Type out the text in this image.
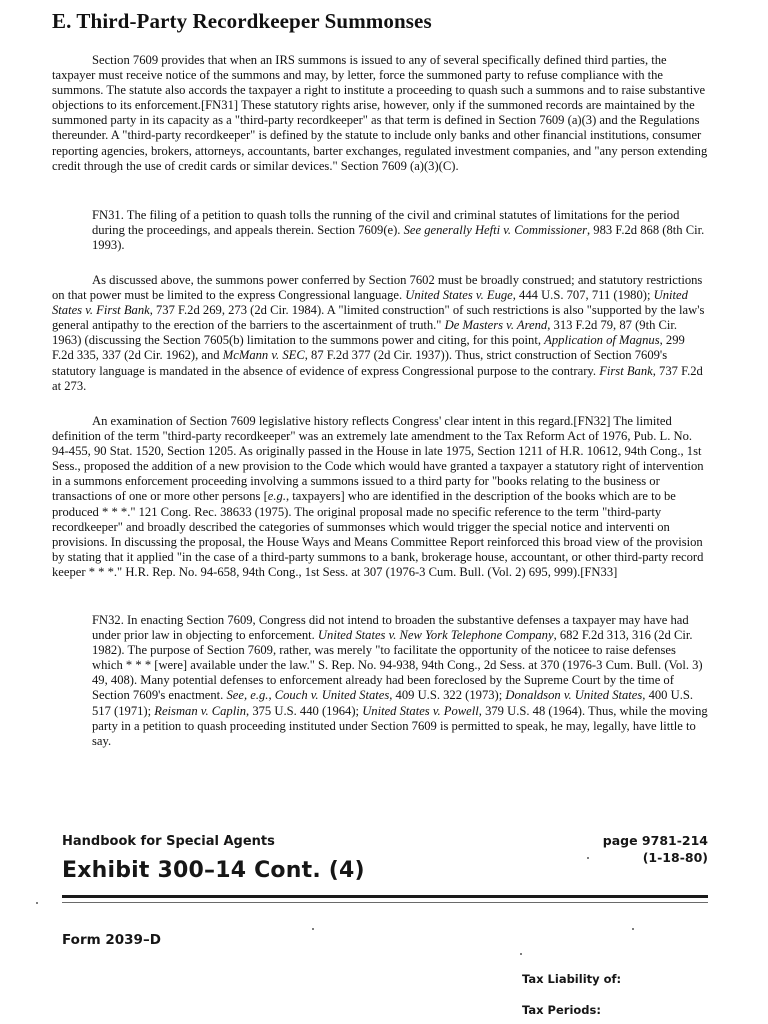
E. Third-Party Recordkeeper Summonses

Section 7609 provides that when an IRS summons is issued to any of several specifically defined third parties, the taxpayer must receive notice of the summons and may, by letter, force the summoned party to refuse compliance with the summons. The statute also accords the taxpayer a right to institute a proceeding to quash such a summons and to raise substantive objections to its enforcement.[FN31] These statutory rights arise, however, only if the summoned records are maintained by the summoned party in its capacity as a "third-party recordkeeper" as that term is defined in Section 7609 (a)(3) and the Regulations thereunder. A "third-party recordkeeper" is defined by the statute to include only banks and other financial institutions, consumer reporting agencies, brokers, attorneys, accountants, barter exchanges, regulated investment companies, and "any person extending credit through the use of credit cards or similar devices." Section 7609 (a)(3)(C).

FN31. The filing of a petition to quash tolls the running of the civil and criminal statutes of limitations for the period during the proceedings, and appeals therein. Section 7609(e). See generally Hefti v. Commissioner, 983 F.2d 868 (8th Cir. 1993).

As discussed above, the summons power conferred by Section 7602 must be broadly construed; and statutory restrictions on that power must be limited to the express Congressional language. United States v. Euge, 444 U.S. 707, 711 (1980); United States v. First Bank, 737 F.2d 269, 273 (2d Cir. 1984). A "limited construction" of such restrictions is also "supported by the law's general antipathy to the erection of the barriers to the ascertainment of truth." De Masters v. Arend, 313 F.2d 79, 87 (9th Cir. 1963) (discussing the Section 7605(b) limitation to the summons power and citing, for this point, Application of Magnus, 299 F.2d 335, 337 (2d Cir. 1962), and McMann v. SEC, 87 F.2d 377 (2d Cir. 1937)). Thus, strict construction of Section 7609's statutory language is mandated in the absence of evidence of express Congressional purpose to the contrary. First Bank, 737 F.2d at 273.

An examination of Section 7609 legislative history reflects Congress' clear intent in this regard.[FN32] The limited definition of the term "third-party recordkeeper" was an extremely late amendment to the Tax Reform Act of 1976, Pub. L. No. 94-455, 90 Stat. 1520, Section 1205. As originally passed in the House in late 1975, Section 1211 of H.R. 10612, 94th Cong., 1st Sess., proposed the addition of a new provision to the Code which would have granted a taxpayer a statutory right of intervention in a summons enforcement proceeding involving a summons issued to a third party for "books relating to the business or transactions of one or more other persons [e.g., taxpayers] who are identified in the description of the books which are to be produced * * *." 121 Cong. Rec. 38633 (1975). The original proposal made no specific reference to the term "third-party recordkeeper" and broadly described the categories of summonses which would trigger the special notice and interventi on provisions. In discussing the proposal, the House Ways and Means Committee Report reinforced this broad view of the provision by stating that it applied "in the case of a third-party summons to a bank, brokerage house, accountant, or other third-party record keeper * * *." H.R. Rep. No. 94-658, 94th Cong., 1st Sess. at 307 (1976-3 Cum. Bull. (Vol. 2) 695, 999).[FN33]

FN32. In enacting Section 7609, Congress did not intend to broaden the substantive defenses a taxpayer may have had under prior law in objecting to enforcement. United States v. New York Telephone Company, 682 F.2d 313, 316 (2d Cir. 1982). The purpose of Section 7609, rather, was merely "to facilitate the opportunity of the noticee to raise defenses which * * * [were] available under the law." S. Rep. No. 94-938, 94th Cong., 2d Sess. at 370 (1976-3 Cum. Bull. (Vol. 3) 49, 408). Many potential defenses to enforcement already had been foreclosed by the Supreme Court by the time of Section 7609's enactment. See, e.g., Couch v. United States, 409 U.S. 322 (1973); Donaldson v. United States, 400 U.S. 517 (1971); Reisman v. Caplin, 375 U.S. 440 (1964); United States v. Powell, 379 U.S. 48 (1964). Thus, while the moving party in a petition to quash proceeding instituted under Section 7609 is permitted to speak, he may, legally, have little to say.

Handbook for Special Agents
Exhibit 300–14 Cont. (4)
page 9781-214
(1-18-80)
Form 2039–D
Tax Liability of:
Tax Periods:
